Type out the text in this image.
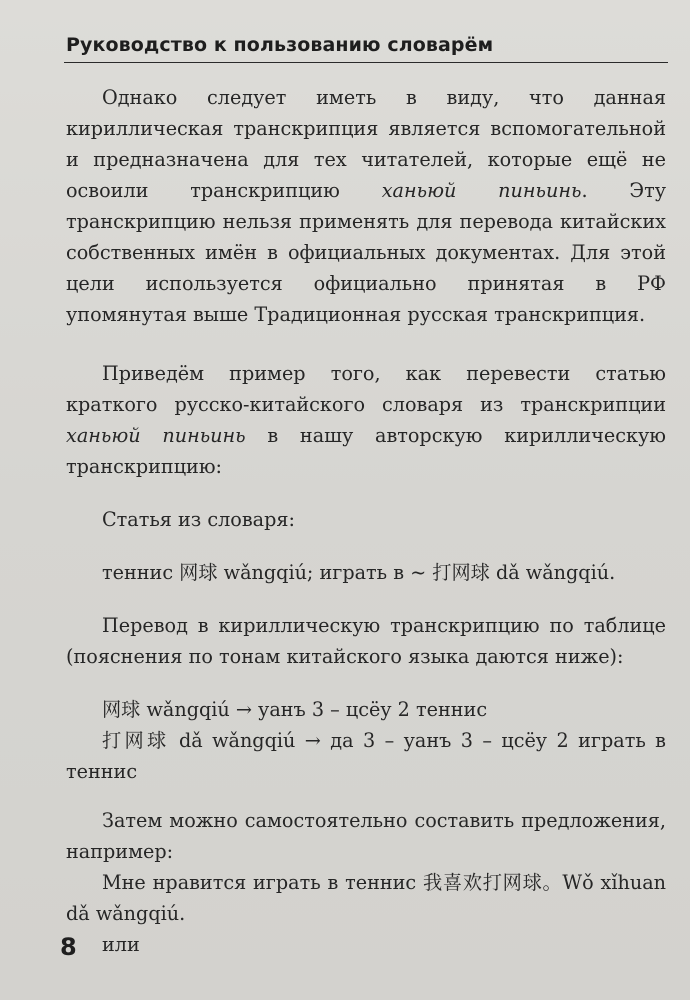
Руководство к пользованию словарём

Однако следует иметь в виду, что данная кириллическая транскрипция является вспомогательной и предназначена для тех читателей, которые ещё не освоили транскрипцию ханьюй пиньинь. Эту транскрипцию нельзя применять для перевода китайских собственных имён в официальных документах. Для этой цели используется официально принятая в РФ упомянутая выше Традиционная русская транскрипция.

Приведём пример того, как перевести статью краткого русско-китайского словаря из транскрипции ханьюй пиньинь в нашу авторскую кириллическую транскрипцию:

Статья из словаря:

теннис 网球 wǎngqiú; играть в ~ 打网球 dǎ wǎngqiú.

Перевод в кириллическую транскрипцию по таблице (пояснения по тонам китайского языка даются ниже):

网球 wǎngqiú → уанъ 3 – цсёу 2 теннис

打网球 dǎ wǎngqiú → да 3 – уанъ 3 – цсёу 2 играть в теннис

Затем можно самостоятельно составить предложения, например:

Мне нравится играть в теннис 我喜欢打网球。Wǒ xǐhuan dǎ wǎngqiú.

или

8
